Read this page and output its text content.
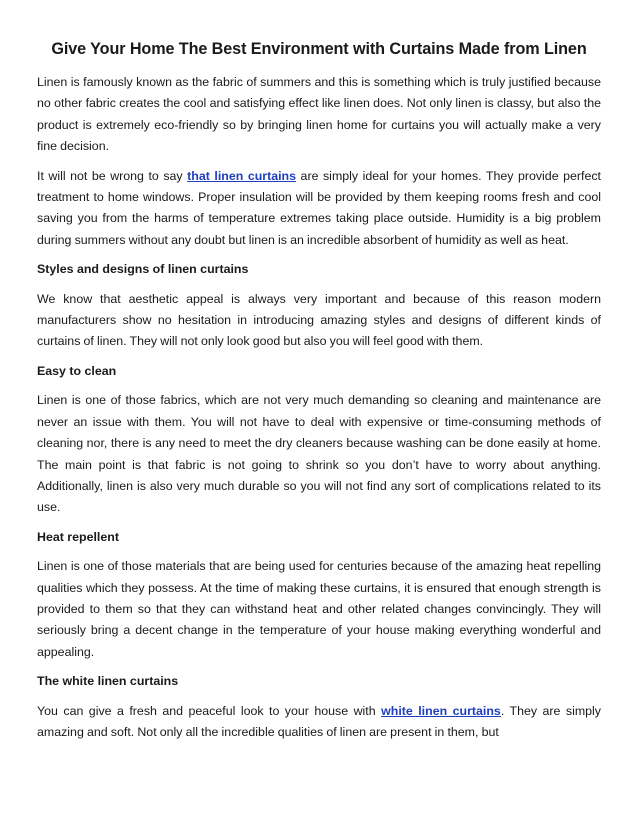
Give Your Home The Best Environment with Curtains Made from Linen

Linen is famously known as the fabric of summers and this is something which is truly justified because no other fabric creates the cool and satisfying effect like linen does. Not only linen is classy, but also the product is extremely eco-friendly so by bringing linen home for curtains you will actually make a very fine decision.

It will not be wrong to say that linen curtains are simply ideal for your homes. They provide perfect treatment to home windows. Proper insulation will be provided by them keeping rooms fresh and cool saving you from the harms of temperature extremes taking place outside. Humidity is a big problem during summers without any doubt but linen is an incredible absorbent of humidity as well as heat.

Styles and designs of linen curtains

We know that aesthetic appeal is always very important and because of this reason modern manufacturers show no hesitation in introducing amazing styles and designs of different kinds of curtains of linen. They will not only look good but also you will feel good with them.

Easy to clean

Linen is one of those fabrics, which are not very much demanding so cleaning and maintenance are never an issue with them. You will not have to deal with expensive or time-consuming methods of cleaning nor, there is any need to meet the dry cleaners because washing can be done easily at home. The main point is that fabric is not going to shrink so you don’t have to worry about anything. Additionally, linen is also very much durable so you will not find any sort of complications related to its use.

Heat repellent

Linen is one of those materials that are being used for centuries because of the amazing heat repelling qualities which they possess. At the time of making these curtains, it is ensured that enough strength is provided to them so that they can withstand heat and other related changes convincingly. They will seriously bring a decent change in the temperature of your house making everything wonderful and appealing.

The white linen curtains

You can give a fresh and peaceful look to your house with white linen curtains. They are simply amazing and soft. Not only all the incredible qualities of linen are present in them, but
